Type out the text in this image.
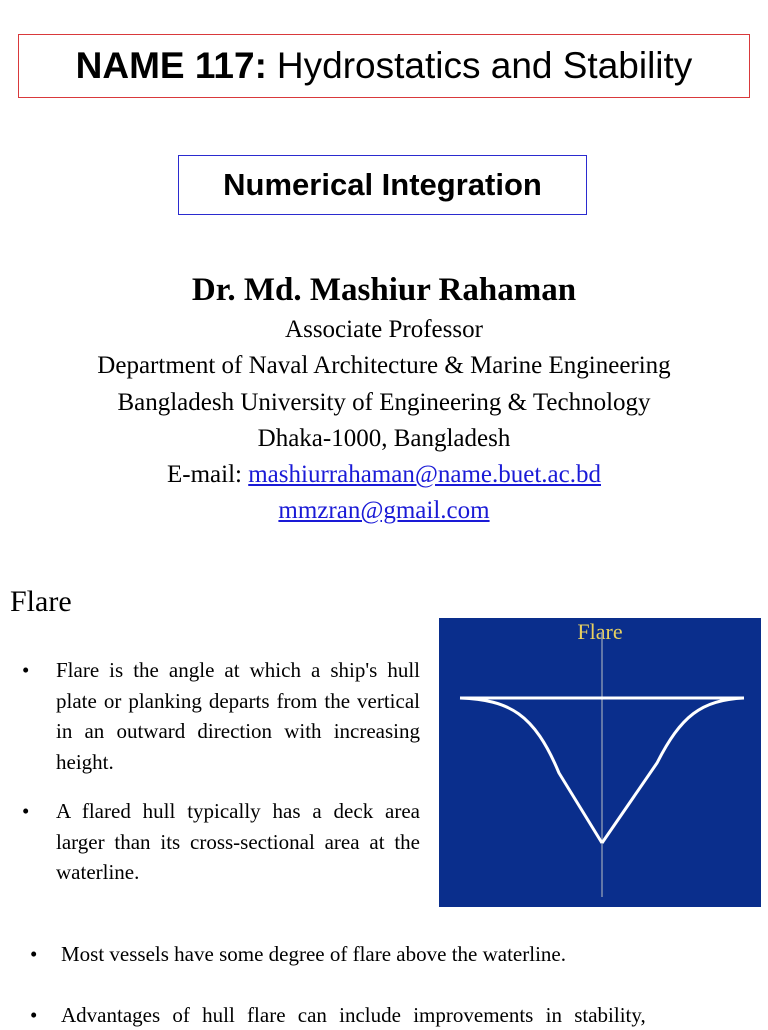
NAME 117: Hydrostatics and Stability
Numerical Integration
Dr. Md. Mashiur Rahaman
Associate Professor
Department of Naval Architecture & Marine Engineering
Bangladesh University of Engineering & Technology
Dhaka-1000, Bangladesh
E-mail: mashiurrahaman@name.buet.ac.bd
mmzran@gmail.com
Flare
•	Flare is the angle at which a ship's hull plate or planking departs from the vertical in an outward direction with increasing height.
•	A flared hull typically has a deck area larger than its cross-sectional area at the waterline.
Flare
•	Most vessels have some degree of flare above the waterline.
•	Advantages of hull flare can include improvements in stability,
